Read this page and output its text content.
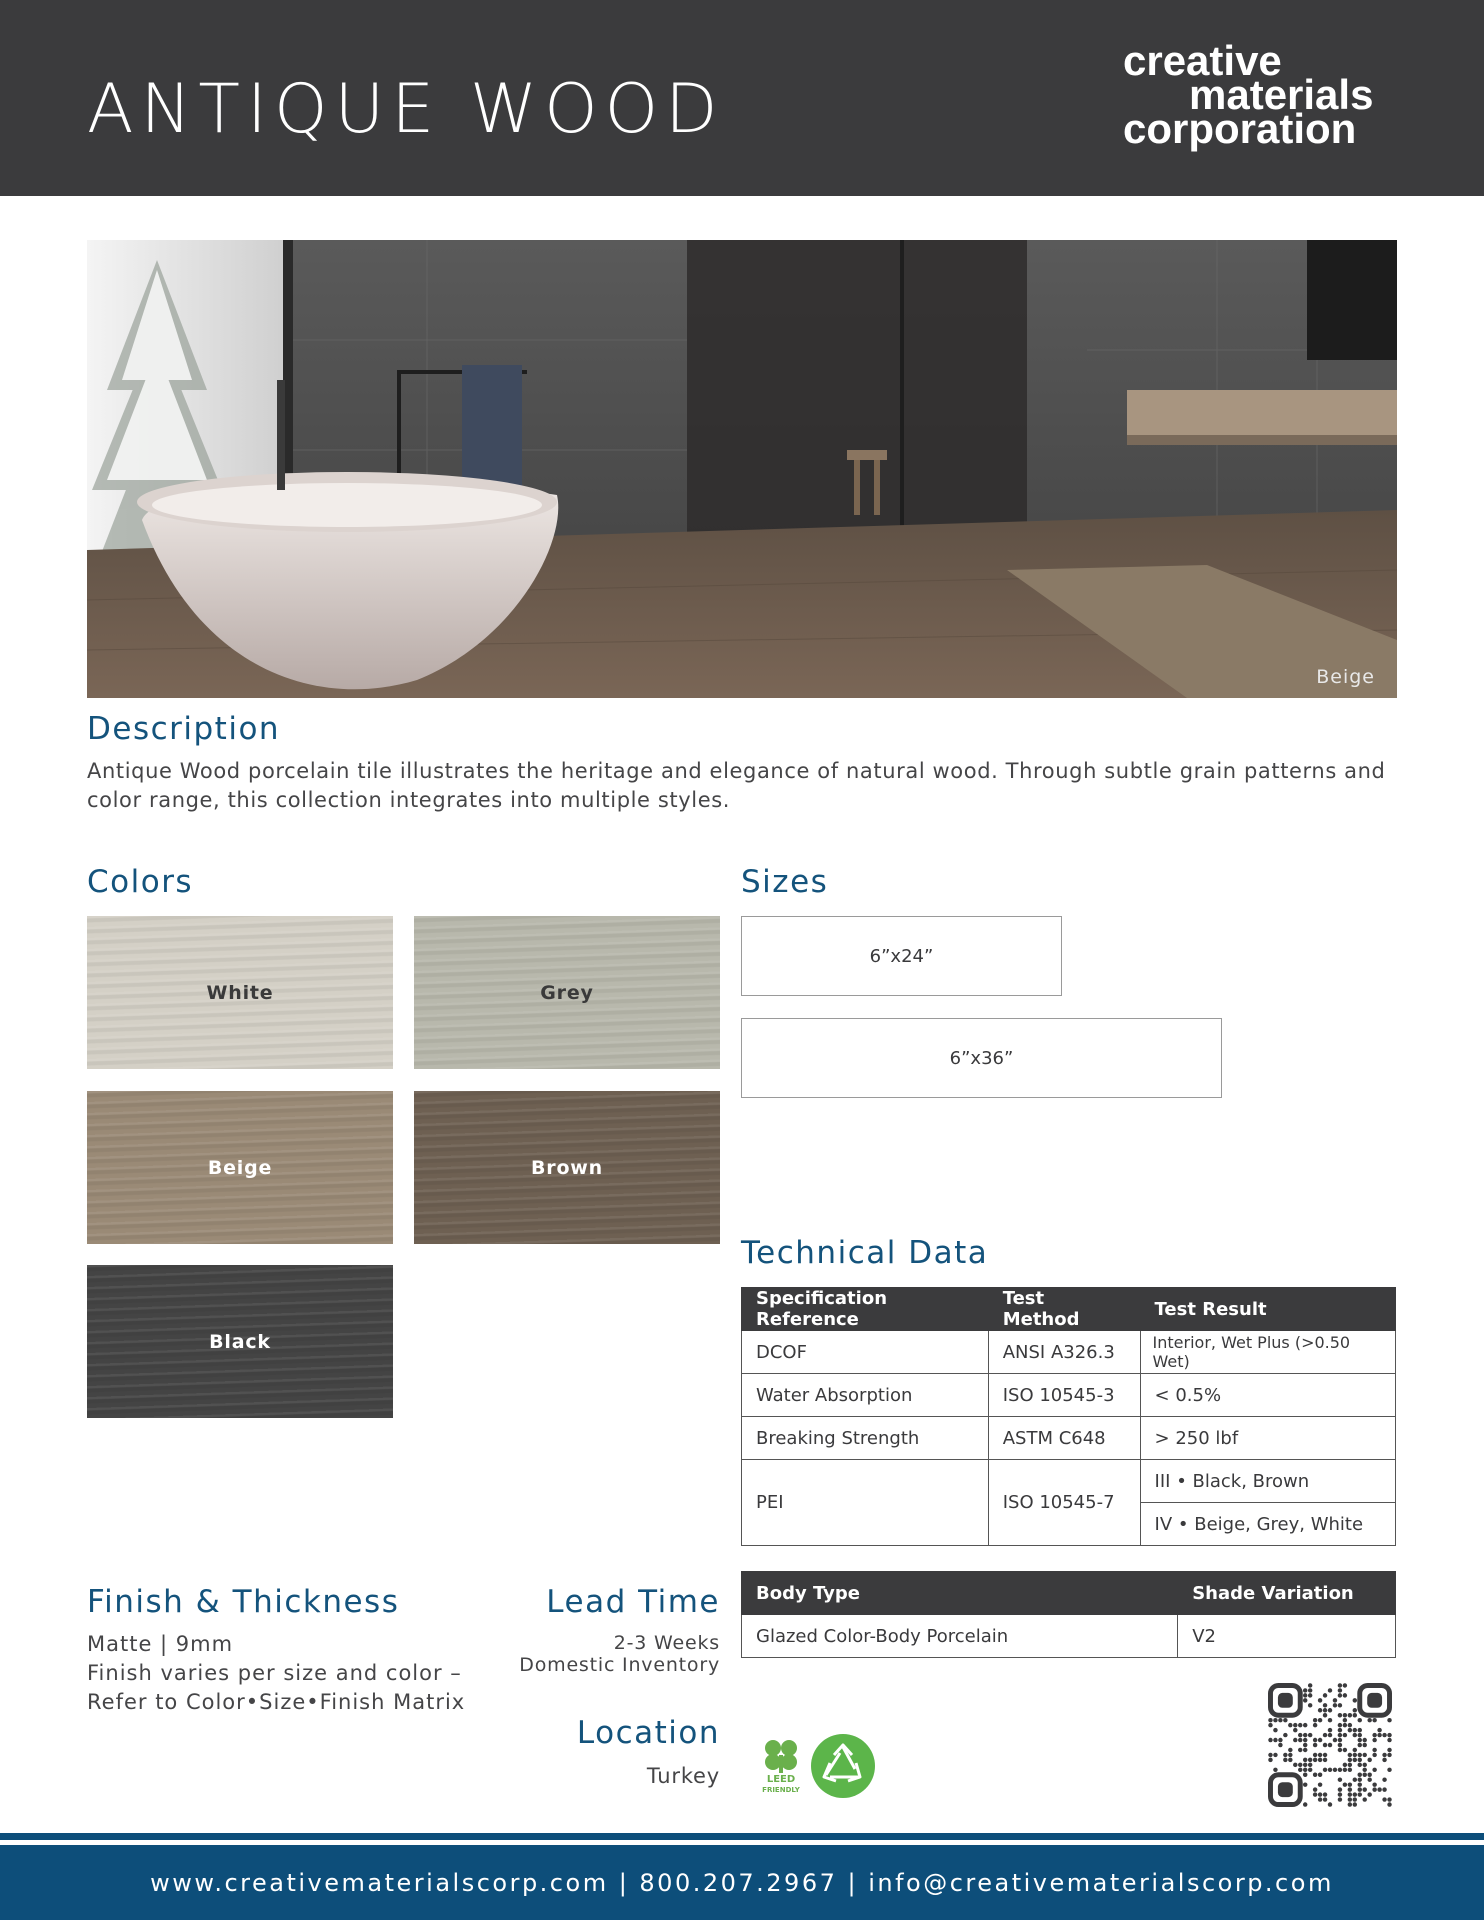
ANTIQUE WOOD
creative
materials
corporation
Beige
Description
Antique Wood porcelain tile illustrates the heritage and elegance of natural wood. Through subtle grain patterns and color range, this collection integrates into multiple styles.
Colors
White	Grey
Beige	Brown
Black
Sizes
6”x24”
6”x36”
Technical Data
Specification Reference	Test Method	Test Result
DCOF	ANSI A326.3	Interior, Wet Plus (>0.50 Wet)
Water Absorption	ISO 10545-3	< 0.5%
Breaking Strength	ASTM C648	> 250 lbf
PEI	ISO 10545-7	III • Black, Brown
		IV • Beige, Grey, White
Body Type	Shade Variation
Glazed Color-Body Porcelain	V2
Finish & Thickness
Matte | 9mm
Finish varies per size and color –
Refer to Color•Size•Finish Matrix
Lead Time
2-3 Weeks
Domestic Inventory
Location
Turkey	LEED
FRIENDLY
www.creativematerialscorp.com | 800.207.2967 | info@creativematerialscorp.com
